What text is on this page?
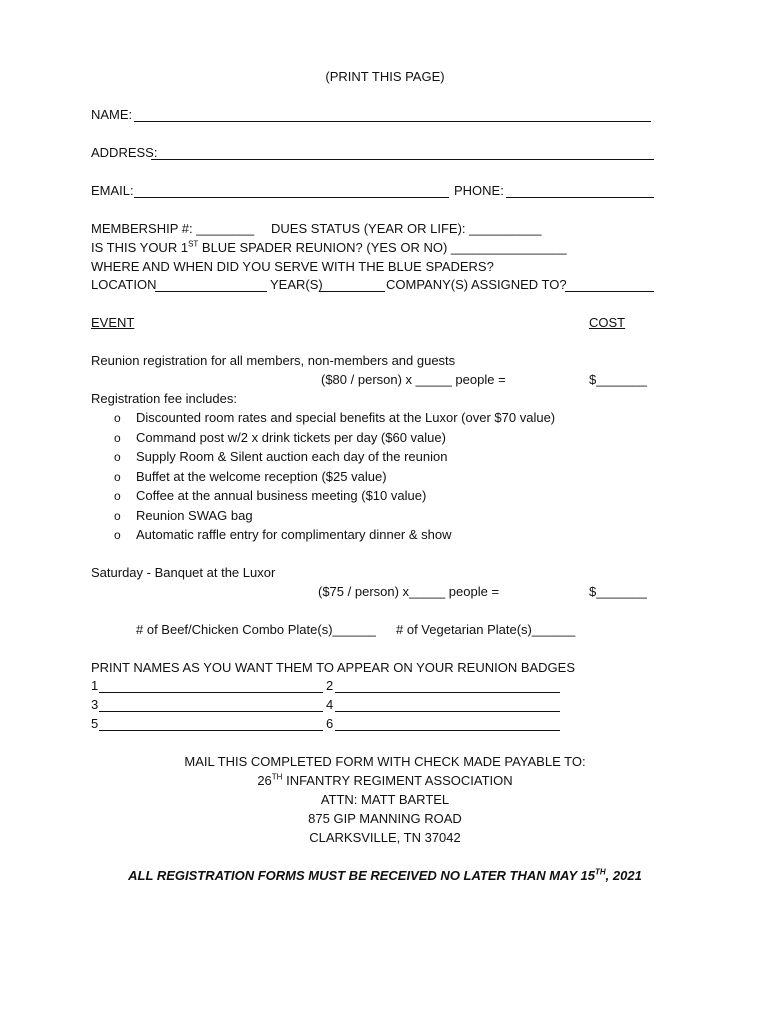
(PRINT THIS PAGE)
NAME:
ADDRESS:
EMAIL:	PHONE:
MEMBERSHIP #: ________ DUES STATUS (YEAR OR LIFE): __________
IS THIS YOUR 1ST BLUE SPADER REUNION? (YES OR NO) ________________
WHERE AND WHEN DID YOU SERVE WITH THE BLUE SPADERS?
LOCATION	YEAR(S)	COMPANY(S) ASSIGNED TO?
EVENT	COST
Reunion registration for all members, non-members and guests
($80 / person) x _____ people =	$_______
Registration fee includes:
o Discounted room rates and special benefits at the Luxor (over $70 value)
o Command post w/2 x drink tickets per day ($60 value)
o Supply Room & Silent auction each day of the reunion
o Buffet at the welcome reception ($25 value)
o Coffee at the annual business meeting ($10 value)
o Reunion SWAG bag
o Automatic raffle entry for complimentary dinner & show
Saturday - Banquet at the Luxor
($75 / person) x_____ people =	$_______
# of Beef/Chicken Combo Plate(s)______ # of Vegetarian Plate(s)______
PRINT NAMES AS YOU WANT THEM TO APPEAR ON YOUR REUNION BADGES
1	2
3	4
5	6
MAIL THIS COMPLETED FORM WITH CHECK MADE PAYABLE TO:
26TH INFANTRY REGIMENT ASSOCIATION
ATTN: MATT BARTEL
875 GIP MANNING ROAD
CLARKSVILLE, TN 37042
ALL REGISTRATION FORMS MUST BE RECEIVED NO LATER THAN MAY 15TH, 2021
